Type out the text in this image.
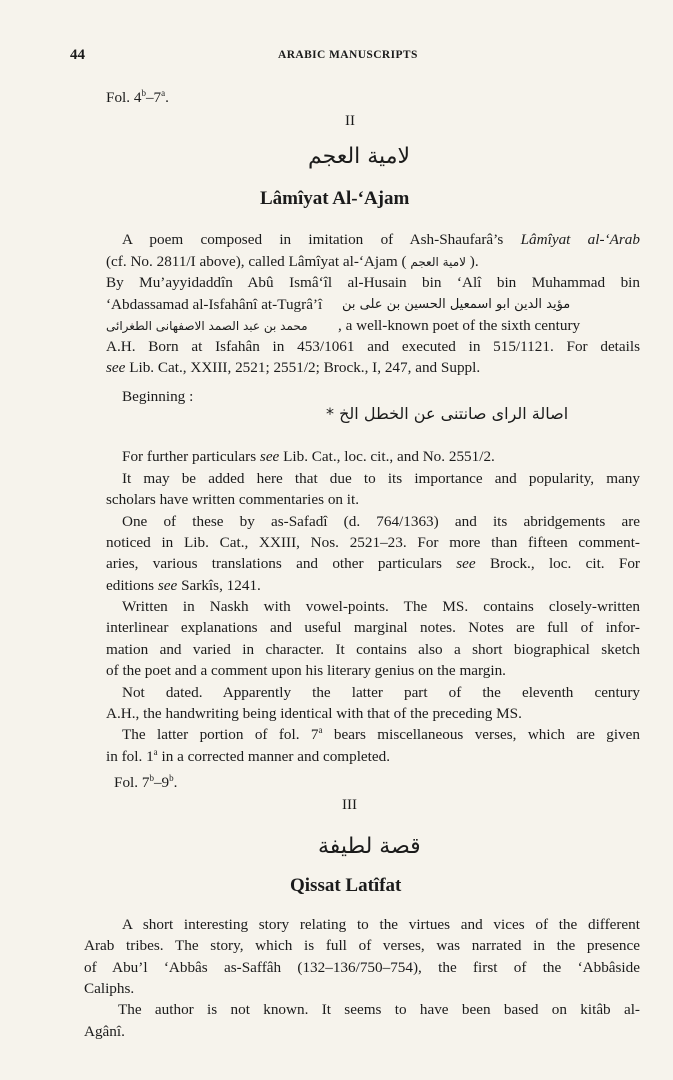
44	ARABIC MANUSCRIPTS
Fol. 4$^b$–7$^a$.
II
لامية العجم
Lâmîyat Al-‘Ajam
A poem composed in imitation of Ash-Shaufarâ’s Lâmîyat al-‘Arab
(cf. No. 2811/I above), called Lâmîyat al-‘Ajam ( لامية العجم ).
By Mu’ayyidaddîn Abû Ismâ‘îl al-Husain bin ‘Alî bin Muhammad bin
‘Abdassamad al-Isfahânî at-Tugrâ’î مؤيد الدين ابو اسمعيل الحسين بن على بن
محمد بن عبد الصمد الاصفهانى الطغرائى , a well-known poet of the sixth century
A.H. Born at Isfahân in 453/1061 and executed in 515/1121. For details
see Lib. Cat., XXIII, 2521; 2551/2; Brock., I, 247, and Suppl.
Beginning :
اصالة الراى صانتنى عن الخطل الخ *
For further particulars see Lib. Cat., loc. cit., and No. 2551/2.
It may be added here that due to its importance and popularity, many
scholars have written commentaries on it.
One of these by as-Safadî (d. 764/1363) and its abridgements are
noticed in Lib. Cat., XXIII, Nos. 2521–23. For more than fifteen comment-
aries, various translations and other particulars see Brock., loc. cit. For
editions see Sarkîs, 1241.
Written in Naskh with vowel-points. The MS. contains closely-written
interlinear explanations and useful marginal notes. Notes are full of infor-
mation and varied in character. It contains also a short biographical sketch
of the poet and a comment upon his literary genius on the margin.
Not dated. Apparently the latter part of the eleventh century
A.H., the handwriting being identical with that of the preceding MS.
The latter portion of fol. 7$^a$ bears miscellaneous verses, which are given
in fol. 1$^a$ in a corrected manner and completed.
Fol. 7$^b$–9$^b$.
III
قصة لطيفة
Qissat Latîfat
A short interesting story relating to the virtues and vices of the different
Arab tribes. The story, which is full of verses, was narrated in the presence
of Abu’l ‘Abbâs as-Saffâh (132–136/750–754), the first of the ‘Abbâside
Caliphs.
The author is not known. It seems to have been based on kitâb al-
Agânî.
